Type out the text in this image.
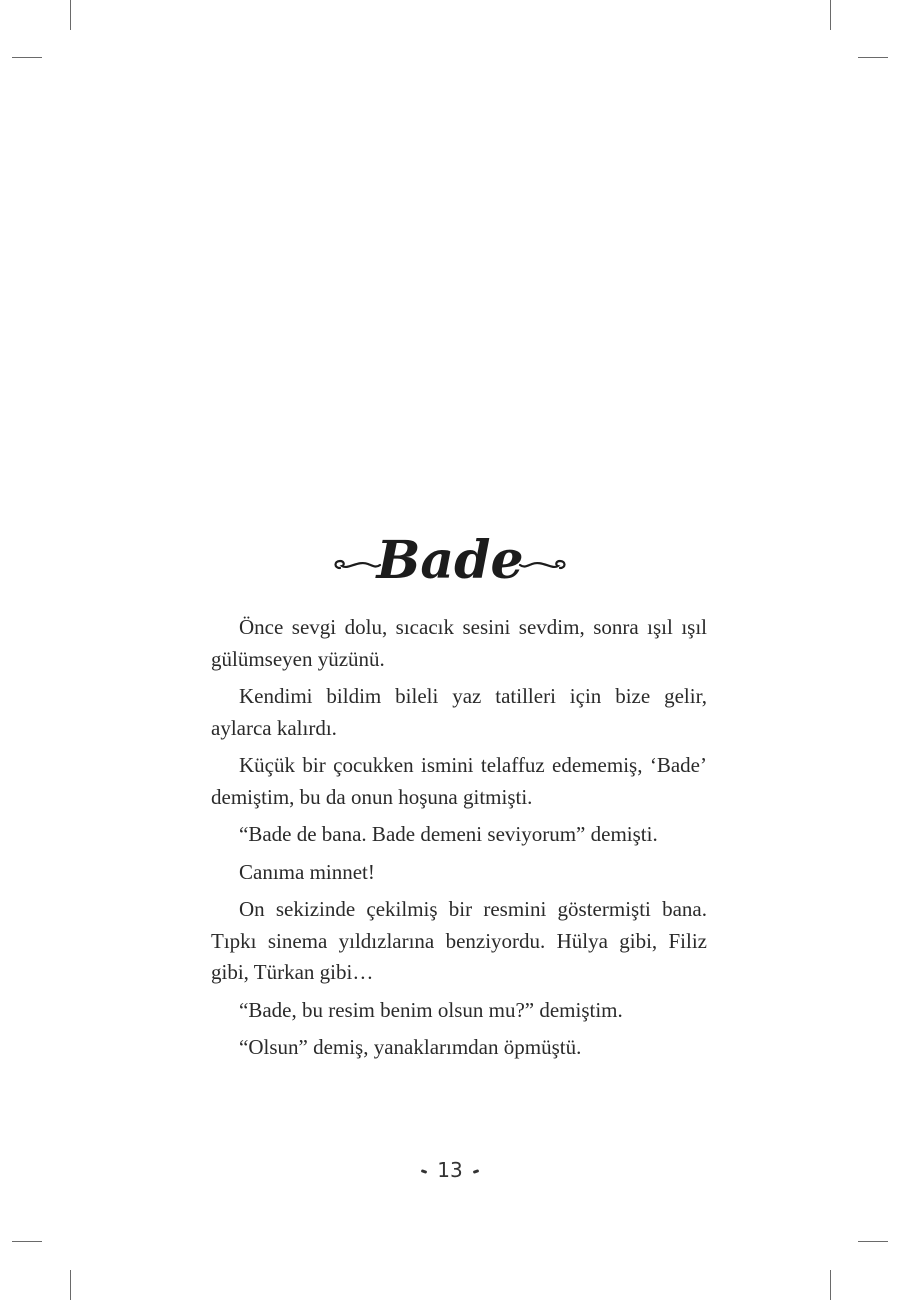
Bade

Önce sevgi dolu, sıcacık sesini sevdim, sonra ışıl ışıl gülümseyen yüzünü.

Kendimi bildim bileli yaz tatilleri için bize gelir, aylarca kalırdı.

Küçük bir çocukken ismini telaffuz edememiş, ‘Bade’ demiştim, bu da onun hoşuna gitmişti.

“Bade de bana. Bade demeni seviyorum” demişti.

Canıma minnet!

On sekizinde çekilmiş bir resmini göstermişti bana. Tıpkı sinema yıldızlarına benziyordu. Hülya gibi, Filiz gibi, Türkan gibi…

“Bade, bu resim benim olsun mu?” demiştim.

“Olsun” demiş, yanaklarımdan öpmüştü.

13
